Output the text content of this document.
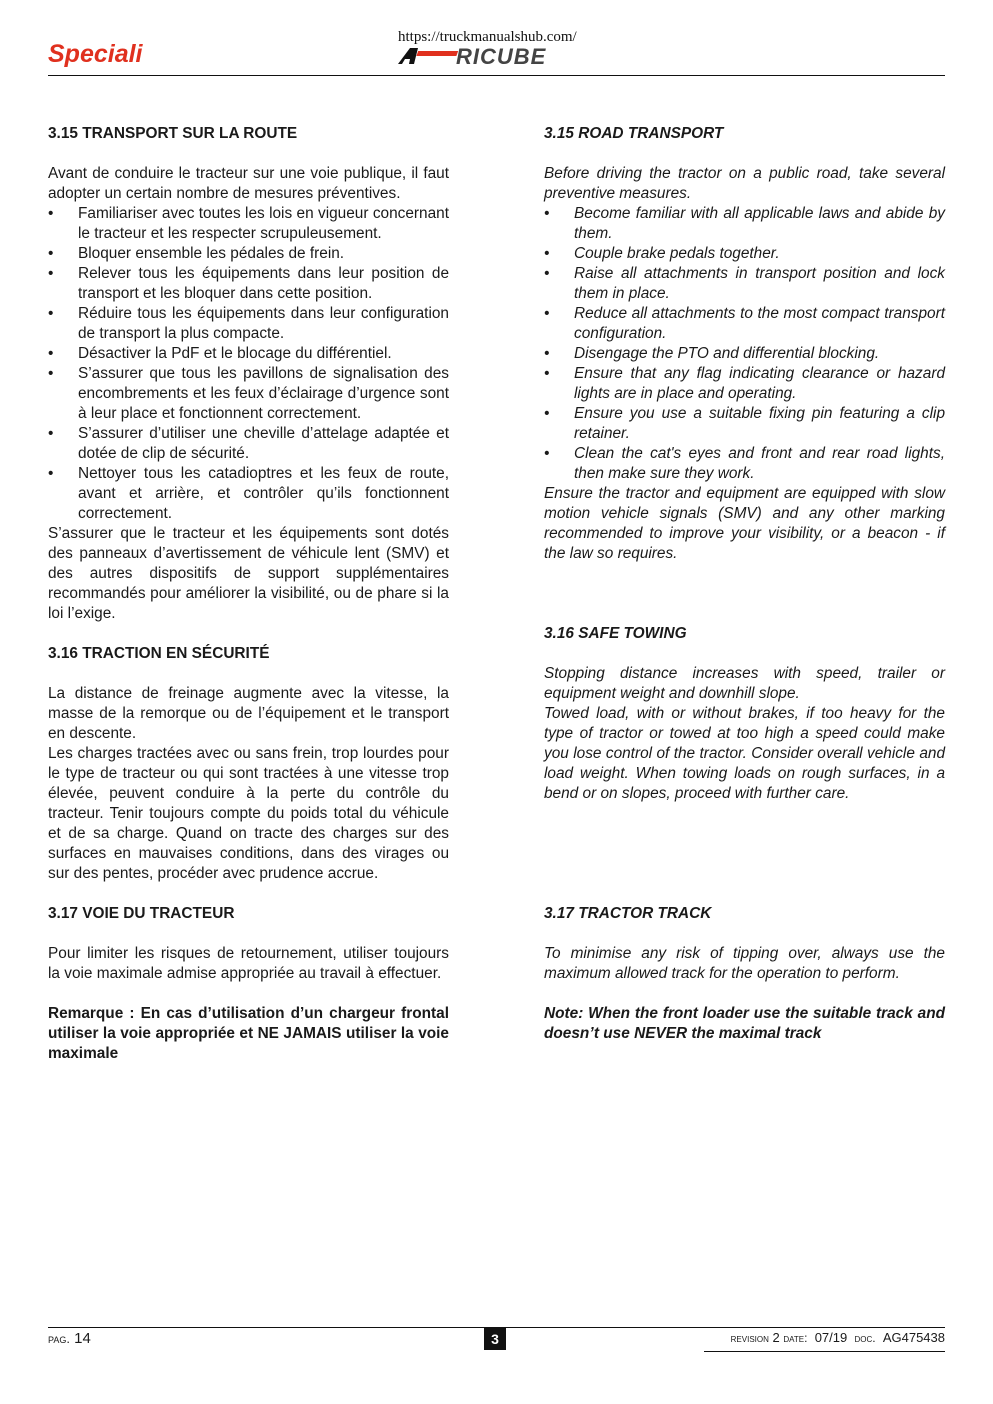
Speciali
https://truckmanualshub.com/
RICUBE
3.15 TRANSPORT SUR LA ROUTE

Avant de conduire le tracteur sur une voie publique, il faut adopter un certain nombre de mesures préventives.

• Familiariser avec toutes les lois en vigueur concernant le tracteur et les respecter scrupuleusement.
• Bloquer ensemble les pédales de frein.
• Relever tous les équipements dans leur position de transport et les bloquer dans cette position.
• Réduire tous les équipements dans leur configuration de transport la plus compacte.
• Désactiver la PdF et le blocage du différentiel.
• S’assurer que tous les pavillons de signalisation des encombrements et les feux d’éclairage d’urgence sont à leur place et fonctionnent correctement.
• S’assurer d’utiliser une cheville d’attelage adaptée et dotée de clip de sécurité.
• Nettoyer tous les catadioptres et les feux de route, avant et arrière, et contrôler qu’ils fonctionnent correctement.

S’assurer que le tracteur et les équipements sont dotés des panneaux d’avertissement de véhicule lent (SMV) et des autres dispositifs de support supplémentaires recommandés pour améliorer la visibilité, ou de phare si la loi l’exige.

3.16 TRACTION EN SÉCURITÉ

La distance de freinage augmente avec la vitesse, la masse de la remorque ou de l’équipement et le transport en descente.

Les charges tractées avec ou sans frein, trop lourdes pour le type de tracteur ou qui sont tractées à une vitesse trop élevée, peuvent conduire à la perte du contrôle du tracteur. Tenir toujours compte du poids total du véhicule et de sa charge. Quand on tracte des charges sur des surfaces en mauvaises conditions, dans des virages ou sur des pentes, procéder avec prudence accrue.

3.17 VOIE DU TRACTEUR

Pour limiter les risques de retournement, utiliser toujours la voie maximale admise appropriée au travail à effectuer.

Remarque : En cas d’utilisation d’un chargeur frontal utiliser la voie appropriée et NE JAMAIS utiliser la voie maximale

3.15 ROAD TRANSPORT

Before driving the tractor on a public road, take several preventive measures.

• Become familiar with all applicable laws and abide by them.
• Couple brake pedals together.
• Raise all attachments in transport position and lock them in place.
• Reduce all attachments to the most compact transport configuration.
• Disengage the PTO and differential blocking.
• Ensure that any flag indicating clearance or hazard lights are in place and operating.
• Ensure you use a suitable fixing pin featuring a clip retainer.
• Clean the cat's eyes and front and rear road lights, then make sure they work.

Ensure the tractor and equipment are equipped with slow motion vehicle signals (SMV) and any other marking recommended to improve your visibility, or a beacon - if the law so requires.

3.16 SAFE TOWING

Stopping distance increases with speed, trailer or equipment weight and downhill slope.

Towed load, with or without brakes, if too heavy for the type of tractor or towed at too high a speed could make you lose control of the tractor. Consider overall vehicle and load weight. When towing loads on rough surfaces, in a bend or on slopes, proceed with further care.

3.17 TRACTOR TRACK

To minimise any risk of tipping over, always use the maximum allowed track for the operation to perform.

Note: When the front loader use the suitable track and doesn’t use NEVER the maximal track

pag. 14	3	revision 2 date: 07/19 doc. AG475438
